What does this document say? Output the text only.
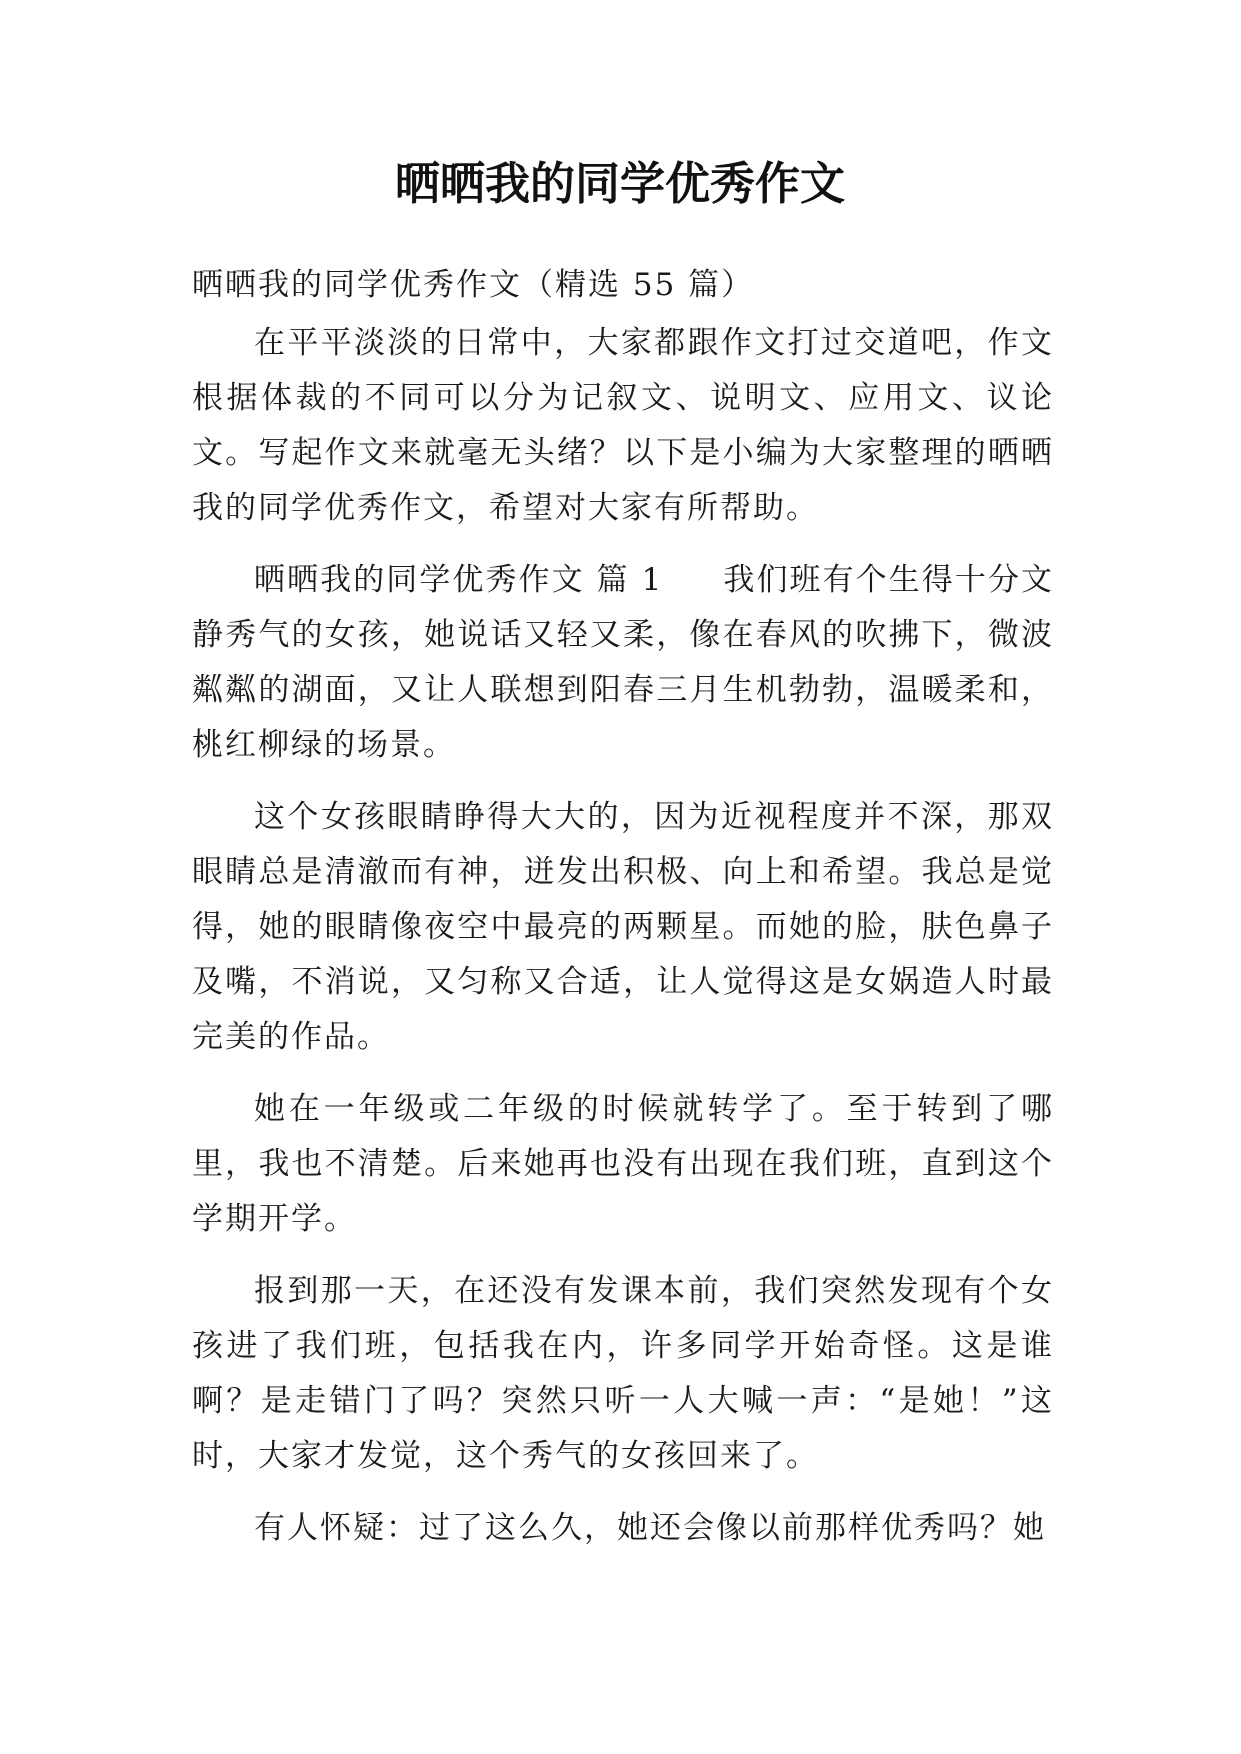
晒晒我的同学优秀作文

晒晒我的同学优秀作文（精选 55 篇）

在平平淡淡的日常中，大家都跟作文打过交道吧，作文根据体裁的不同可以分为记叙文、说明文、应用文、议论文。写起作文来就毫无头绪？以下是小编为大家整理的晒晒我的同学优秀作文，希望对大家有所帮助。

晒晒我的同学优秀作文 篇 1 我们班有个生得十分文静秀气的女孩，她说话又轻又柔，像在春风的吹拂下，微波粼粼的湖面，又让人联想到阳春三月生机勃勃，温暖柔和，桃红柳绿的场景。

这个女孩眼睛睁得大大的，因为近视程度并不深，那双眼睛总是清澈而有神，迸发出积极、向上和希望。我总是觉得，她的眼睛像夜空中最亮的两颗星。而她的脸，肤色鼻子及嘴，不消说，又匀称又合适，让人觉得这是女娲造人时最完美的作品。

她在一年级或二年级的时候就转学了。至于转到了哪里，我也不清楚。后来她再也没有出现在我们班，直到这个学期开学。

报到那一天，在还没有发课本前，我们突然发现有个女孩进了我们班，包括我在内，许多同学开始奇怪。这是谁啊？是走错门了吗？突然只听一人大喊一声：“是她！”这时，大家才发觉，这个秀气的女孩回来了。

有人怀疑：过了这么久，她还会像以前那样优秀吗？她
